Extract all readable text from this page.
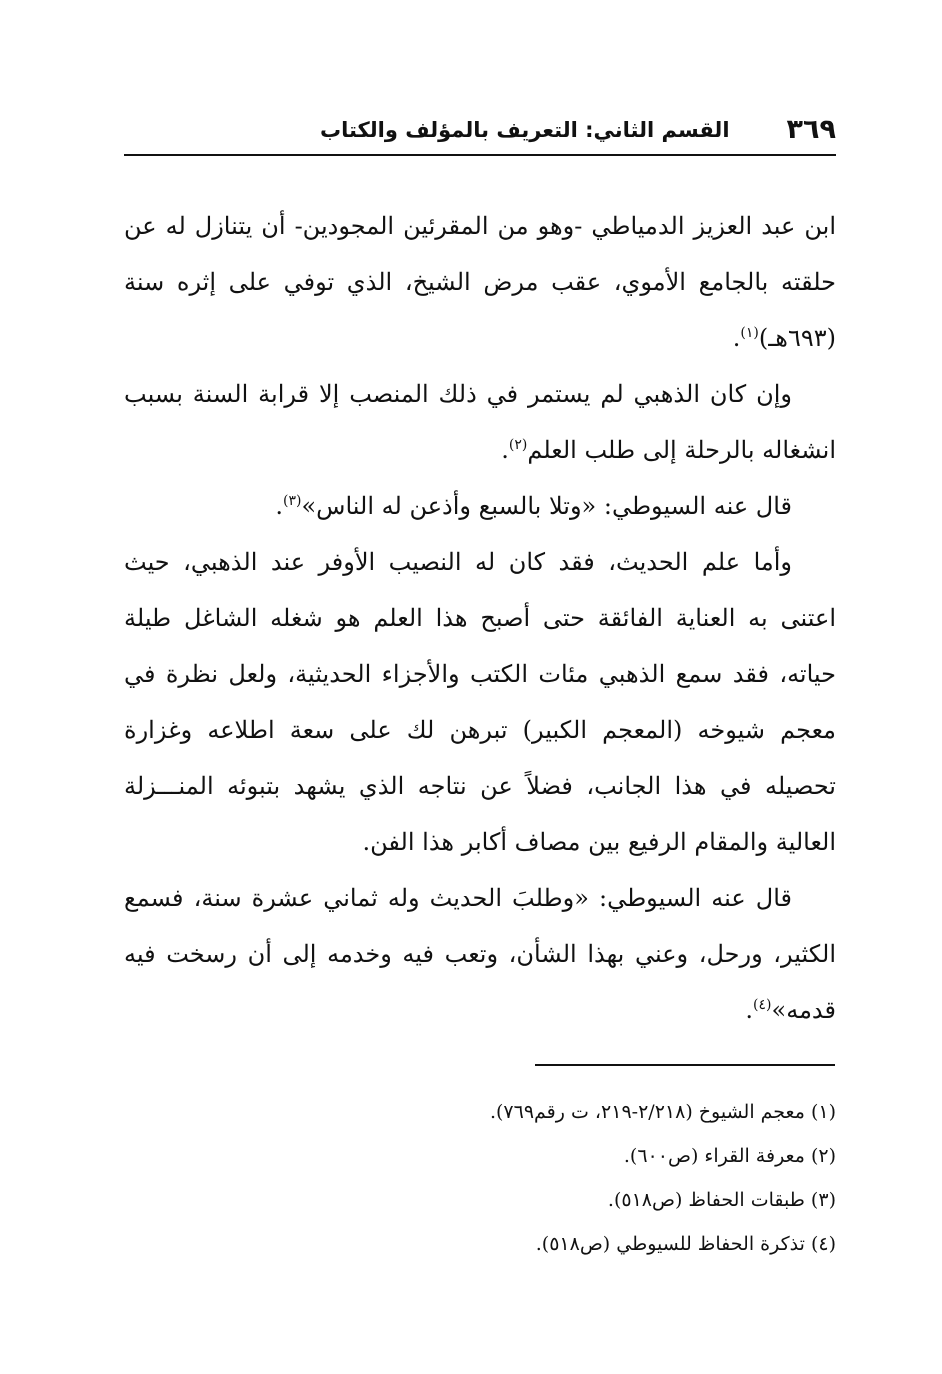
٣٦٩
القسم الثاني: التعريف بالمؤلف والكتاب

ابن عبد العزيز الدمياطي -وهو من المقرئين المجودين- أن يتنازل له عن حلقته بالجامع الأموي، عقب مرض الشيخ، الذي توفي على إثره سنة (٦٩٣هـ)$^{(١)}$.

وإن كان الذهبي لم يستمر في ذلك المنصب إلا قرابة السنة بسبب انشغاله بالرحلة إلى طلب العلم$^{(٢)}$.

قال عنه السيوطي: «وتلا بالسبع وأذعن له الناس»$^{(٣)}$.

وأما علم الحديث، فقد كان له النصيب الأوفر عند الذهبي، حيث اعتنى به العناية الفائقة حتى أصبح هذا العلم هو شغله الشاغل طيلة حياته، فقد سمع الذهبي مئات الكتب والأجزاء الحديثية، ولعل نظرة في معجم شيوخه (المعجم الكبير) تبرهن لك على سعة اطلاعه وغزارة تحصيله في هذا الجانب، فضلاً عن نتاجه الذي يشهد بتبوئه المنـــزلة العالية والمقام الرفيع بين مصاف أكابر هذا الفن.

قال عنه السيوطي: «وطلبَ الحديث وله ثماني عشرة سنة، فسمع الكثير، ورحل، وعني بهذا الشأن، وتعب فيه وخدمه إلى أن رسخت فيه قدمه»$^{(٤)}$.

(١) معجم الشيوخ (٢/٢١٨-٢١٩، ت رقم٧٦٩).

(٢) معرفة القراء (ص٦٠٠).

(٣) طبقات الحفاظ (ص٥١٨).

(٤) تذكرة الحفاظ للسيوطي (ص٥١٨).
